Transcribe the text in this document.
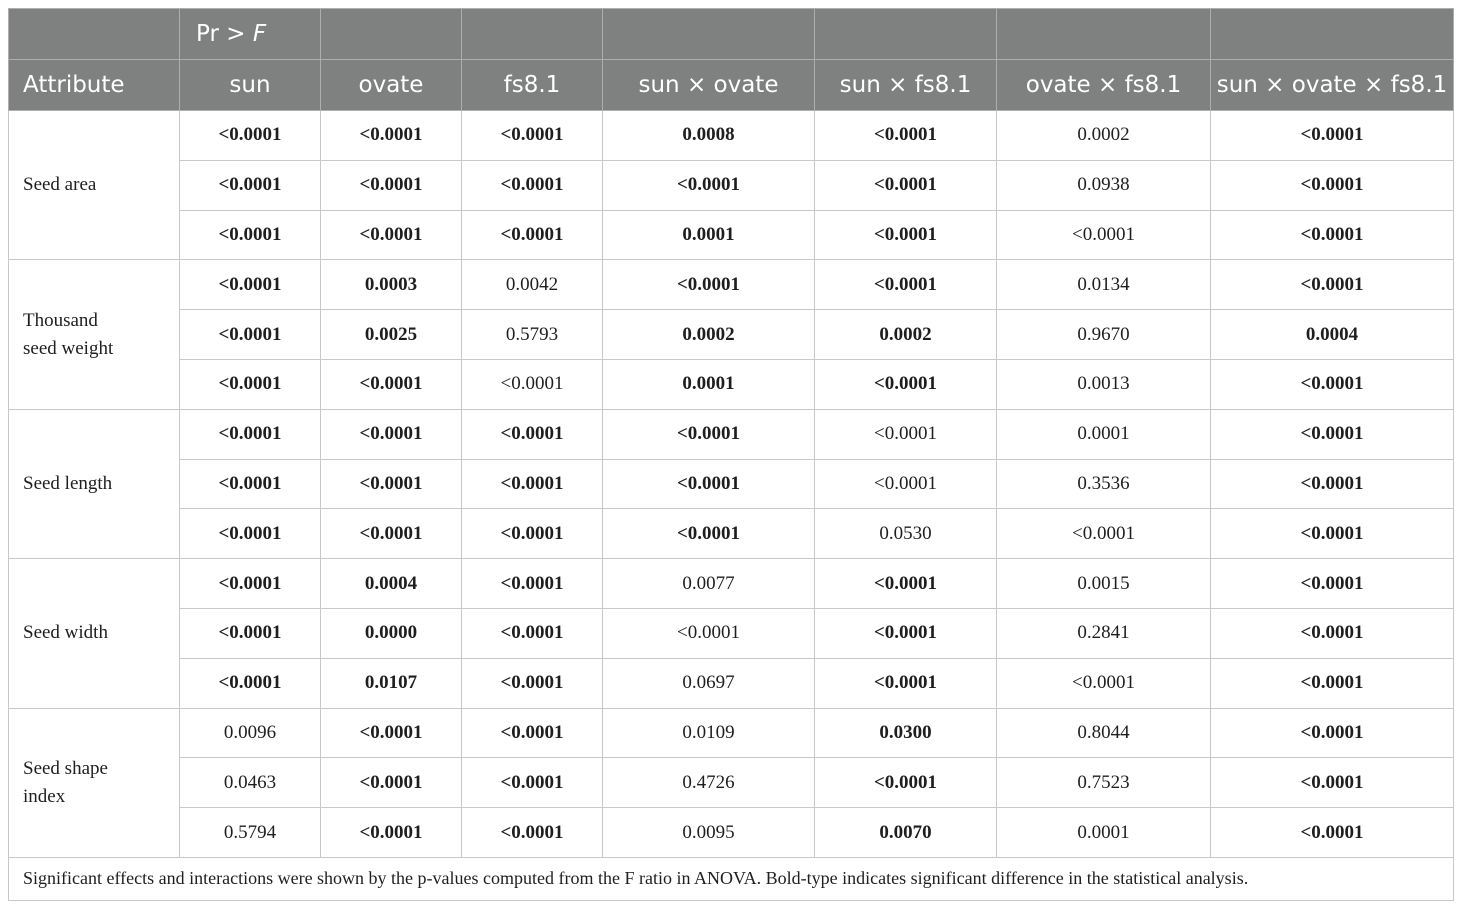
	Pr > F						
Attribute	sun	ovate	fs8.1	sun × ovate	sun × fs8.1	ovate × fs8.1	sun × ovate × fs8.1
Seed area	<0.0001	<0.0001	<0.0001	0.0008	<0.0001	0.0002	<0.0001
	<0.0001	<0.0001	<0.0001	<0.0001	<0.0001	0.0938	<0.0001
	<0.0001	<0.0001	<0.0001	0.0001	<0.0001	<0.0001	<0.0001
Thousand
seed weight	<0.0001	0.0003	0.0042	<0.0001	<0.0001	0.0134	<0.0001
	<0.0001	0.0025	0.5793	0.0002	0.0002	0.9670	0.0004
	<0.0001	<0.0001	<0.0001	0.0001	<0.0001	0.0013	<0.0001
Seed length	<0.0001	<0.0001	<0.0001	<0.0001	<0.0001	0.0001	<0.0001
	<0.0001	<0.0001	<0.0001	<0.0001	<0.0001	0.3536	<0.0001
	<0.0001	<0.0001	<0.0001	<0.0001	0.0530	<0.0001	<0.0001
Seed width	<0.0001	0.0004	<0.0001	0.0077	<0.0001	0.0015	<0.0001
	<0.0001	0.0000	<0.0001	<0.0001	<0.0001	0.2841	<0.0001
	<0.0001	0.0107	<0.0001	0.0697	<0.0001	<0.0001	<0.0001
Seed shape
index	0.0096	<0.0001	<0.0001	0.0109	0.0300	0.8044	<0.0001
	0.0463	<0.0001	<0.0001	0.4726	<0.0001	0.7523	<0.0001
	0.5794	<0.0001	<0.0001	0.0095	0.0070	0.0001	<0.0001
Significant effects and interactions were shown by the p-values computed from the F ratio in ANOVA. Bold-type indicates significant difference in the statistical analysis.							
